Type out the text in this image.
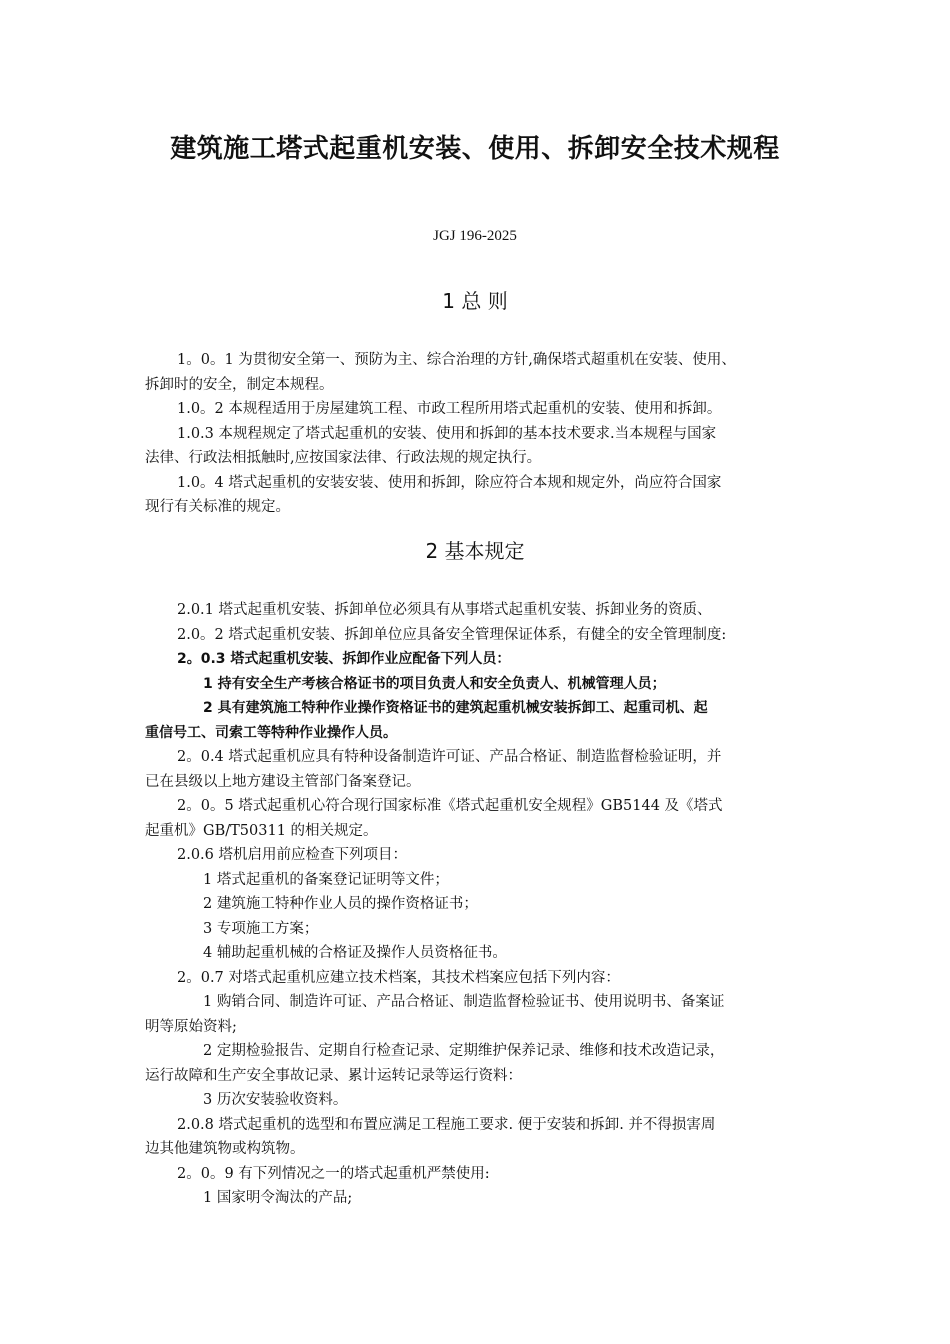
建筑施工塔式起重机安装、使用、拆卸安全技术规程
JGJ 196-2025
1 总 则
1。0。1 为贯彻安全第一、预防为主、综合治理的方针,确保塔式超重机在安装、使用、
拆卸时的安全，制定本规程。
1.0。2 本规程适用于房屋建筑工程、市政工程所用塔式起重机的安装、使用和拆卸。
1.0.3 本规程规定了塔式起重机的安装、使用和拆卸的基本技术要求.当本规程与国家
法律、行政法相抵触时,应按国家法律、行政法规的规定执行。
1.0。4 塔式起重机的安装安装、使用和拆卸，除应符合本规和规定外，尚应符合国家
现行有关标准的规定。
2 基本规定
2.0.1 塔式起重机安装、拆卸单位必须具有从事塔式起重机安装、拆卸业务的资质、
2.0。2 塔式起重机安装、拆卸单位应具备安全管理保证体系，有健全的安全管理制度:
2。0.3 塔式起重机安装、拆卸作业应配备下列人员：
1 持有安全生产考核合格证书的项目负责人和安全负责人、机械管理人员；
2 具有建筑施工特种作业操作资格证书的建筑起重机械安装拆卸工、起重司机、起
重信号工、司索工等特种作业操作人员。
2。0.4 塔式起重机应具有特种设备制造许可证、产品合格证、制造监督检验证明，并
已在县级以上地方建设主管部门备案登记。
2。0。5 塔式起重机心符合现行国家标准《塔式起重机安全规程》GB5144 及《塔式
起重机》GB/T50311 的相关规定。
2.0.6 塔机启用前应检查下列项目：
1 塔式起重机的备案登记证明等文件；
2 建筑施工特种作业人员的操作资格证书；
3 专项施工方案；
4 辅助起重机械的合格证及操作人员资格征书。
2。0.7 对塔式起重机应建立技术档案，其技术档案应包括下列内容：
1 购销合同、制造许可证、产品合格证、制造监督检验证书、使用说明书、备案证
明等原始资料;
2 定期检验报告、定期自行检查记录、定期维护保养记录、维修和技术改造记录，
运行故障和生产安全事故记录、累计运转记录等运行资料：
3 历次安装验收资料。
2.0.8 塔式起重机的选型和布置应满足工程施工要求. 便于安装和拆卸. 并不得损害周
边其他建筑物或构筑物。
2。0。9 有下列情况之一的塔式起重机严禁使用:
1 国家明令淘汰的产品;
